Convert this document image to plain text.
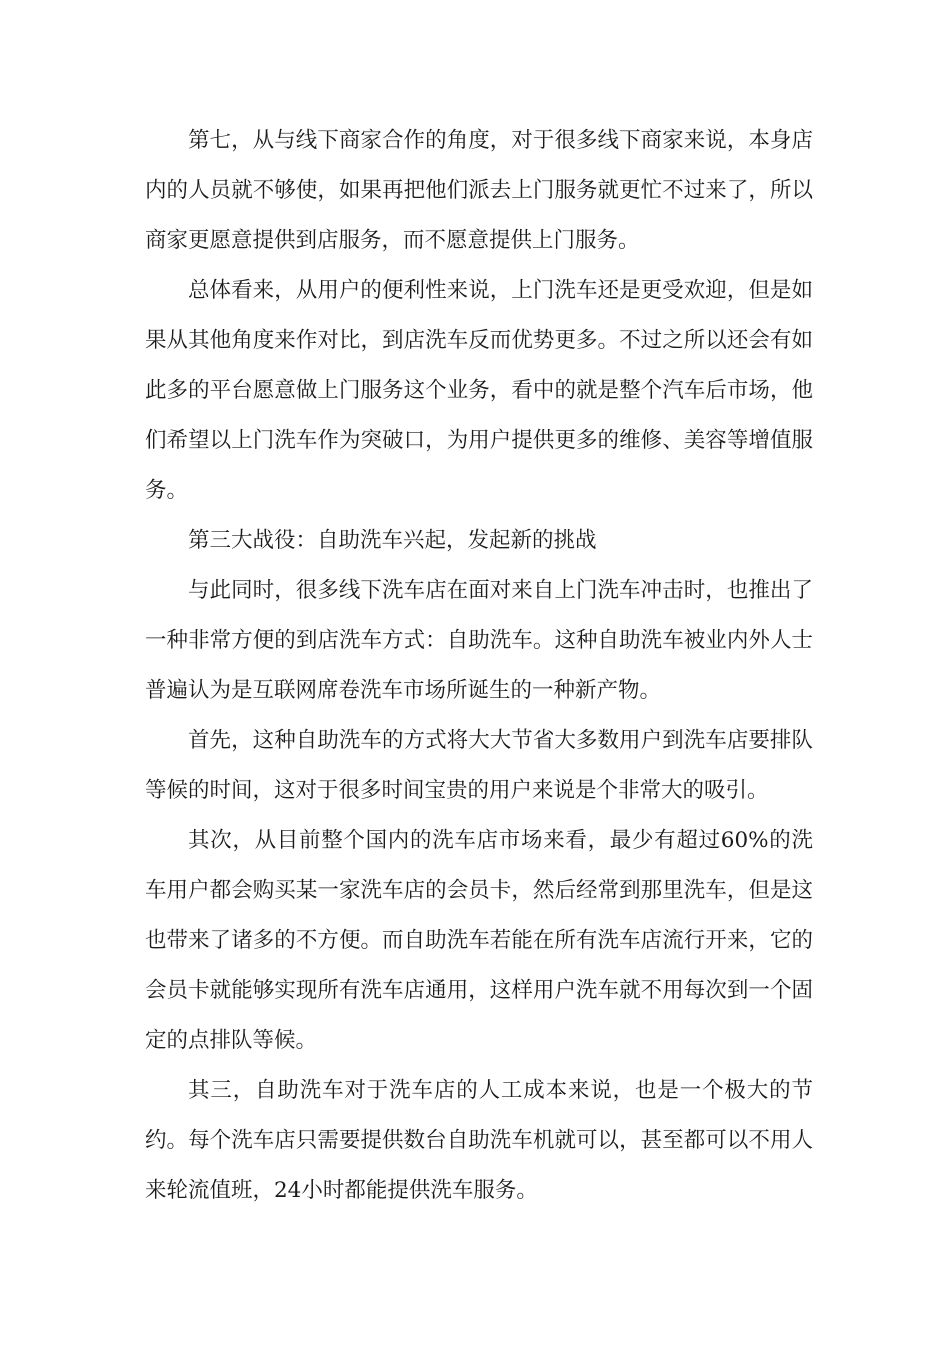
第七，从与线下商家合作的角度，对于很多线下商家来说，本身店内的人员就不够使，如果再把他们派去上门服务就更忙不过来了，所以商家更愿意提供到店服务，而不愿意提供上门服务。

总体看来，从用户的便利性来说，上门洗车还是更受欢迎，但是如果从其他角度来作对比，到店洗车反而优势更多。不过之所以还会有如此多的平台愿意做上门服务这个业务，看中的就是整个汽车后市场，他们希望以上门洗车作为突破口，为用户提供更多的维修、美容等增值服务。

第三大战役：自助洗车兴起，发起新的挑战

与此同时，很多线下洗车店在面对来自上门洗车冲击时，也推出了一种非常方便的到店洗车方式：自助洗车。这种自助洗车被业内外人士普遍认为是互联网席卷洗车市场所诞生的一种新产物。

首先，这种自助洗车的方式将大大节省大多数用户到洗车店要排队等候的时间，这对于很多时间宝贵的用户来说是个非常大的吸引。

其次，从目前整个国内的洗车店市场来看，最少有超过60%的洗车用户都会购买某一家洗车店的会员卡，然后经常到那里洗车，但是这也带来了诸多的不方便。而自助洗车若能在所有洗车店流行开来，它的会员卡就能够实现所有洗车店通用，这样用户洗车就不用每次到一个固定的点排队等候。

其三，自助洗车对于洗车店的人工成本来说，也是一个极大的节约。每个洗车店只需要提供数台自助洗车机就可以，甚至都可以不用人来轮流值班，24小时都能提供洗车服务。
